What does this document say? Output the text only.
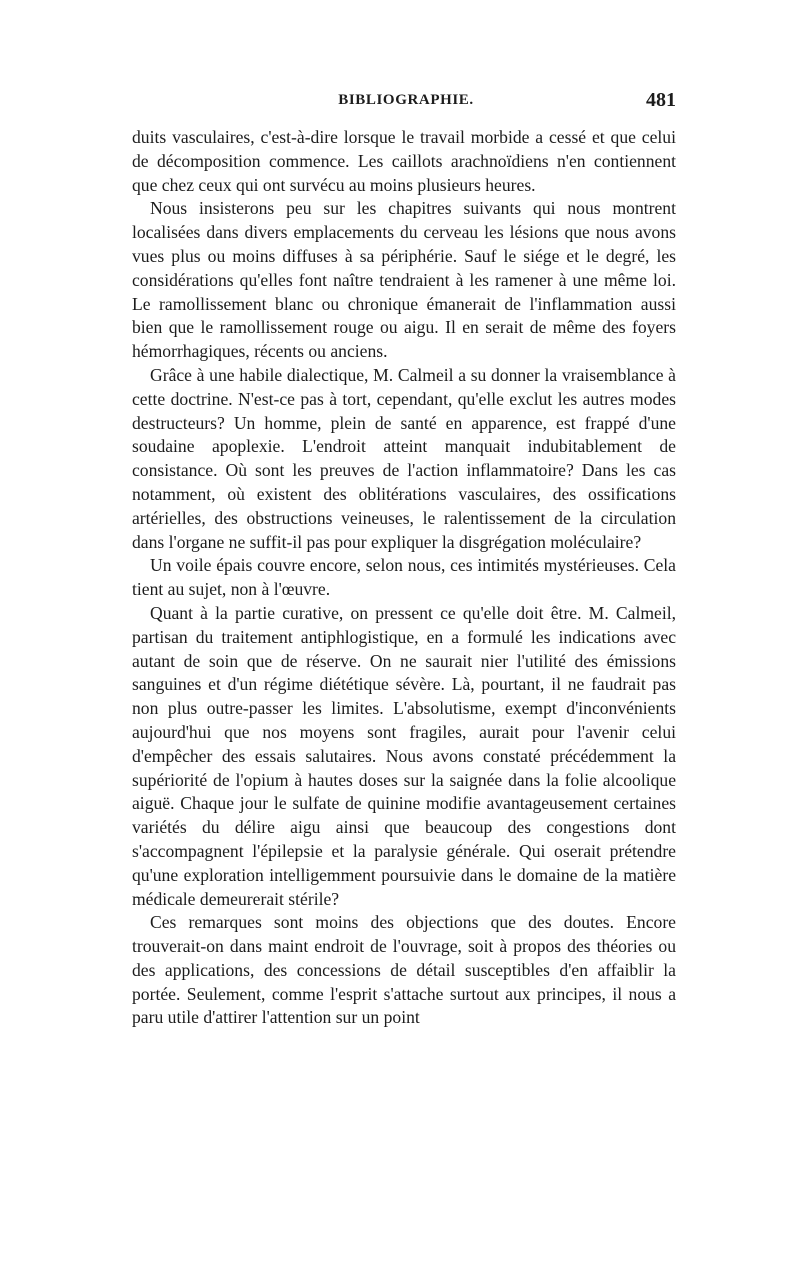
BIBLIOGRAPHIE.	481

duits vasculaires, c'est-à-dire lorsque le travail morbide a cessé et que celui de décomposition commence. Les caillots arachnoïdiens n'en contiennent que chez ceux qui ont survécu au moins plusieurs heures.

Nous insisterons peu sur les chapitres suivants qui nous montrent localisées dans divers emplacements du cerveau les lésions que nous avons vues plus ou moins diffuses à sa périphérie. Sauf le siége et le degré, les considérations qu'elles font naître tendraient à les ramener à une même loi. Le ramollissement blanc ou chronique émanerait de l'inflammation aussi bien que le ramollissement rouge ou aigu. Il en serait de même des foyers hémorrhagiques, récents ou anciens.

Grâce à une habile dialectique, M. Calmeil a su donner la vraisemblance à cette doctrine. N'est-ce pas à tort, cependant, qu'elle exclut les autres modes destructeurs? Un homme, plein de santé en apparence, est frappé d'une soudaine apoplexie. L'endroit atteint manquait indubitablement de consistance. Où sont les preuves de l'action inflammatoire? Dans les cas notamment, où existent des oblitérations vasculaires, des ossifications artérielles, des obstructions veineuses, le ralentissement de la circulation dans l'organe ne suffit-il pas pour expliquer la disgrégation moléculaire?

Un voile épais couvre encore, selon nous, ces intimités mystérieuses. Cela tient au sujet, non à l'œuvre.

Quant à la partie curative, on pressent ce qu'elle doit être. M. Calmeil, partisan du traitement antiphlogistique, en a formulé les indications avec autant de soin que de réserve. On ne saurait nier l'utilité des émissions sanguines et d'un régime diététique sévère. Là, pourtant, il ne faudrait pas non plus outre-passer les limites. L'absolutisme, exempt d'inconvénients aujourd'hui que nos moyens sont fragiles, aurait pour l'avenir celui d'empêcher des essais salutaires. Nous avons constaté précédemment la supériorité de l'opium à hautes doses sur la saignée dans la folie alcoolique aiguë. Chaque jour le sulfate de quinine modifie avantageusement certaines variétés du délire aigu ainsi que beaucoup des congestions dont s'accompagnent l'épilepsie et la paralysie générale. Qui oserait prétendre qu'une exploration intelligemment poursuivie dans le domaine de la matière médicale demeurerait stérile?

Ces remarques sont moins des objections que des doutes. Encore trouverait-on dans maint endroit de l'ouvrage, soit à propos des théories ou des applications, des concessions de détail susceptibles d'en affaiblir la portée. Seulement, comme l'esprit s'attache surtout aux principes, il nous a paru utile d'attirer l'attention sur un point
